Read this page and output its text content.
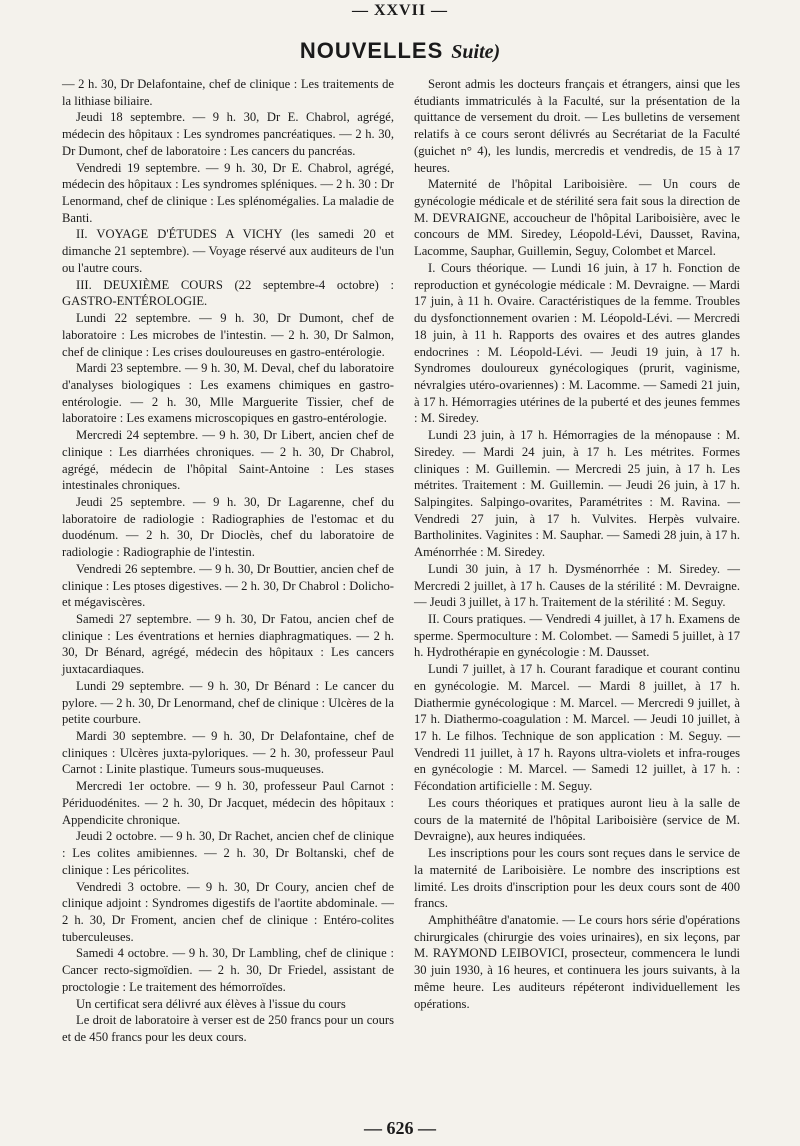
— XXVII —
NOUVELLES Suite)

— 2 h. 30, Dr Delafontaine, chef de clinique : Les traitements de la lithiase biliaire.

Jeudi 18 septembre. — 9 h. 30, Dr E. Chabrol, agrégé, médecin des hôpitaux : Les syndromes pancréatiques. — 2 h. 30, Dr Dumont, chef de laboratoire : Les cancers du pancréas.

Vendredi 19 septembre. — 9 h. 30, Dr E. Chabrol, agrégé, médecin des hôpitaux : Les syndromes spléniques. — 2 h. 30 : Dr Lenormand, chef de clinique : Les splénomégalies. La maladie de Banti.

II. VOYAGE D'ÉTUDES A VICHY (les samedi 20 et dimanche 21 septembre). — Voyage réservé aux auditeurs de l'un ou l'autre cours.

III. DEUXIÈME COURS (22 septembre-4 octobre) : GASTRO-ENTÉROLOGIE.

Lundi 22 septembre. — 9 h. 30, Dr Dumont, chef de laboratoire : Les microbes de l'intestin. — 2 h. 30, Dr Salmon, chef de clinique : Les crises douloureuses en gastro-entérologie.

Mardi 23 septembre. — 9 h. 30, M. Deval, chef du laboratoire d'analyses biologiques : Les examens chimiques en gastro-entérologie. — 2 h. 30, Mlle Marguerite Tissier, chef de laboratoire : Les examens microscopiques en gastro-entérologie.

Mercredi 24 septembre. — 9 h. 30, Dr Libert, ancien chef de clinique : Les diarrhées chroniques. — 2 h. 30, Dr Chabrol, agrégé, médecin de l'hôpital Saint-Antoine : Les stases intestinales chroniques.

Jeudi 25 septembre. — 9 h. 30, Dr Lagarenne, chef du laboratoire de radiologie : Radiographies de l'estomac et du duodénum. — 2 h. 30, Dr Dioclès, chef du laboratoire de radiologie : Radiographie de l'intestin.

Vendredi 26 septembre. — 9 h. 30, Dr Bouttier, ancien chef de clinique : Les ptoses digestives. — 2 h. 30, Dr Chabrol : Dolicho- et mégaviscères.

Samedi 27 septembre. — 9 h. 30, Dr Fatou, ancien chef de clinique : Les éventrations et hernies diaphragmatiques. — 2 h. 30, Dr Bénard, agrégé, médecin des hôpitaux : Les cancers juxtacardiaques.

Lundi 29 septembre. — 9 h. 30, Dr Bénard : Le cancer du pylore. — 2 h. 30, Dr Lenormand, chef de clinique : Ulcères de la petite courbure.

Mardi 30 septembre. — 9 h. 30, Dr Delafontaine, chef de cliniques : Ulcères juxta-pyloriques. — 2 h. 30, professeur Paul Carnot : Linite plastique. Tumeurs sous-muqueuses.

Mercredi 1er octobre. — 9 h. 30, professeur Paul Carnot : Périduodénites. — 2 h. 30, Dr Jacquet, médecin des hôpitaux : Appendicite chronique.

Jeudi 2 octobre. — 9 h. 30, Dr Rachet, ancien chef de clinique : Les colites amibiennes. — 2 h. 30, Dr Boltanski, chef de clinique : Les péricolites.

Vendredi 3 octobre. — 9 h. 30, Dr Coury, ancien chef de clinique adjoint : Syndromes digestifs de l'aortite abdominale. — 2 h. 30, Dr Froment, ancien chef de clinique : Entéro-colites tuberculeuses.

Samedi 4 octobre. — 9 h. 30, Dr Lambling, chef de clinique : Cancer recto-sigmoïdien. — 2 h. 30, Dr Friedel, assistant de proctologie : Le traitement des hémorroïdes.

Un certificat sera délivré aux élèves à l'issue du cours

Le droit de laboratoire à verser est de 250 francs pour un cours et de 450 francs pour les deux cours.

Seront admis les docteurs français et étrangers, ainsi que les étudiants immatriculés à la Faculté, sur la présentation de la quittance de versement du droit. — Les bulletins de versement relatifs à ce cours seront délivrés au Secrétariat de la Faculté (guichet n° 4), les lundis, mercredis et vendredis, de 15 à 17 heures.

Maternité de l'hôpital Lariboisière. — Un cours de gynécologie médicale et de stérilité sera fait sous la direction de M. DEVRAIGNE, accoucheur de l'hôpital Lariboisière, avec le concours de MM. Siredey, Léopold-Lévi, Dausset, Ravina, Lacomme, Sauphar, Guillemin, Seguy, Colombet et Marcel.

I. Cours théorique. — Lundi 16 juin, à 17 h. Fonction de reproduction et gynécologie médicale : M. Devraigne. — Mardi 17 juin, à 11 h. Ovaire. Caractéristiques de la femme. Troubles du dysfonctionnement ovarien : M. Léopold-Lévi. — Mercredi 18 juin, à 11 h. Rapports des ovaires et des autres glandes endocrines : M. Léopold-Lévi. — Jeudi 19 juin, à 17 h. Syndromes douloureux gynécologiques (prurit, vaginisme, névralgies utéro-ovariennes) : M. Lacomme. — Samedi 21 juin, à 17 h. Hémorragies utérines de la puberté et des jeunes femmes : M. Siredey.

Lundi 23 juin, à 17 h. Hémorragies de la ménopause : M. Siredey. — Mardi 24 juin, à 17 h. Les métrites. Formes cliniques : M. Guillemin. — Mercredi 25 juin, à 17 h. Les métrites. Traitement : M. Guillemin. — Jeudi 26 juin, à 17 h. Salpingites. Salpingo-ovarites, Paramétrites : M. Ravina. — Vendredi 27 juin, à 17 h. Vulvites. Herpès vulvaire. Bartholinites. Vaginites : M. Sauphar. — Samedi 28 juin, à 17 h. Aménorrhée : M. Siredey.

Lundi 30 juin, à 17 h. Dysménorrhée : M. Siredey. — Mercredi 2 juillet, à 17 h. Causes de la stérilité : M. Devraigne. — Jeudi 3 juillet, à 17 h. Traitement de la stérilité : M. Seguy.

II. Cours pratiques. — Vendredi 4 juillet, à 17 h. Examens de sperme. Spermoculture : M. Colombet. — Samedi 5 juillet, à 17 h. Hydrothérapie en gynécologie : M. Dausset.

Lundi 7 juillet, à 17 h. Courant faradique et courant continu en gynécologie. M. Marcel. — Mardi 8 juillet, à 17 h. Diathermie gynécologique : M. Marcel. — Mercredi 9 juillet, à 17 h. Diathermo-coagulation : M. Marcel. — Jeudi 10 juillet, à 17 h. Le filhos. Technique de son application : M. Seguy. — Vendredi 11 juillet, à 17 h. Rayons ultra-violets et infra-rouges en gynécologie : M. Marcel. — Samedi 12 juillet, à 17 h. : Fécondation artificielle : M. Seguy.

Les cours théoriques et pratiques auront lieu à la salle de cours de la maternité de l'hôpital Lariboisière (service de M. Devraigne), aux heures indiquées.

Les inscriptions pour les cours sont reçues dans le service de la maternité de Lariboisière. Le nombre des inscriptions est limité. Les droits d'inscription pour les deux cours sont de 400 francs.

Amphithéâtre d'anatomie. — Le cours hors série d'opérations chirurgicales (chirurgie des voies urinaires), en six leçons, par M. RAYMOND LEIBOVICI, prosecteur, commencera le lundi 30 juin 1930, à 16 heures, et continuera les jours suivants, à la même heure. Les auditeurs répéteront individuellement les opérations.

— 626 —
